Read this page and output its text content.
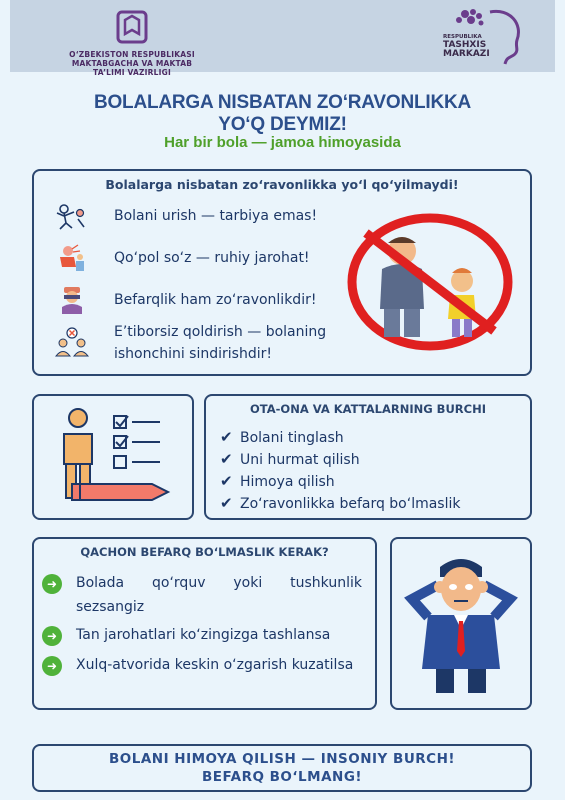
O‘ZBEKISTON RESPUBLIKASI
MAKTABGACHA VA MAKTAB
TA’LIMI VAZIRLIGI
RESPUBLIKA
TASHXIS
MARKAZI
BOLALARGA NISBATAN ZO‘RAVONLIKKA
YO‘Q DEYMIZ!
Har bir bola — jamoa himoyasida
Bolalarga nisbatan zo‘ravonlikka yo‘l qo‘yilmaydi!
Bolani urish — tarbiya emas!
Qo‘pol so‘z — ruhiy jarohat!
Befarqlik ham zo‘ravonlikdir!
E’tiborsiz qoldirish — bolaning ishonchini sindirishdir!
OTA-ONA VA KATTALARNING BURCHI
✔ Bolani tinglash
✔ Uni hurmat qilish
✔ Himoya qilish
✔ Zo‘ravonlikka befarq bo‘lmaslik
QACHON BEFARQ BO‘LMASLIK KERAK?
➜	Bolada qo‘rquv yoki tushkunlik sezsangiz
➜	Tan jarohatlari ko‘zingizga tashlansa
➜	Xulq-atvorida keskin o‘zgarish kuzatilsa
BOLANI HIMOYA QILISH — INSONIY BURCH!
BEFARQ BO‘LMANG!
